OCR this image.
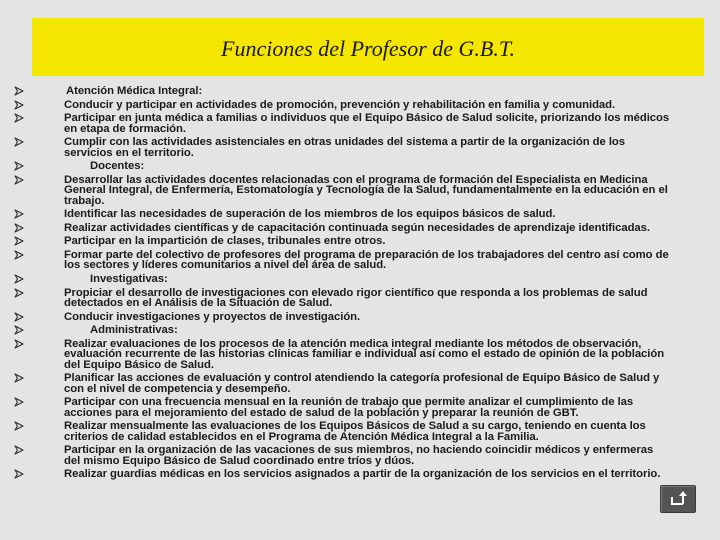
Funciones del Profesor de G.B.T.
Atención Médica Integral:
Conducir y participar en actividades de promoción, prevención y rehabilitación en familia y comunidad.
Participar en junta médica a familias o individuos que el Equipo Básico de Salud solicite, priorizando los médicos en etapa de formación.
Cumplir con las actividades asistenciales en otras unidades del sistema a partir de la organización de los servicios en el territorio.
Docentes:
Desarrollar las actividades docentes relacionadas con el programa de formación del Especialista en Medicina General Integral, de Enfermería, Estomatología y Tecnología de la Salud, fundamentalmente en la educación en el trabajo.
Identificar las necesidades de superación de los miembros de los equipos básicos de salud.
Realizar actividades científicas y de capacitación continuada según necesidades de aprendizaje identificadas.
Participar en la impartición de clases, tribunales entre otros.
Formar parte del colectivo de profesores del programa de preparación de los trabajadores del centro así como de los sectores y líderes comunitarios a nivel del área de salud.
Investigativas:
Propiciar el desarrollo de investigaciones con elevado rigor científico que responda a los problemas de salud detectados en el Análisis de la Situación de Salud.
Conducir investigaciones y proyectos de investigación.
Administrativas:
Realizar evaluaciones de los procesos de la atención medica integral mediante los métodos de observación, evaluación recurrente de las historias clínicas familiar e individual así como el estado de opinión de la población del Equipo Básico de Salud.
Planificar las acciones de evaluación y control atendiendo la categoría profesional de Equipo Básico de Salud y con el nivel de competencia y desempeño.
Participar con una frecuencia mensual en la reunión de trabajo que permite analizar el cumplimiento de las acciones para el mejoramiento del estado de salud de la población y preparar la reunión de GBT.
Realizar mensualmente las evaluaciones de los Equipos Básicos de Salud a su cargo, teniendo en cuenta los criterios de calidad establecidos en el Programa de Atención Médica Integral a la Familia.
Participar en la organización de las vacaciones de sus miembros, no haciendo coincidir médicos y enfermeras del mismo Equipo Básico de Salud coordinado entre tríos y dúos.
Realizar guardias médicas en los servicios asignados a partir de la organización de los servicios en el territorio.
